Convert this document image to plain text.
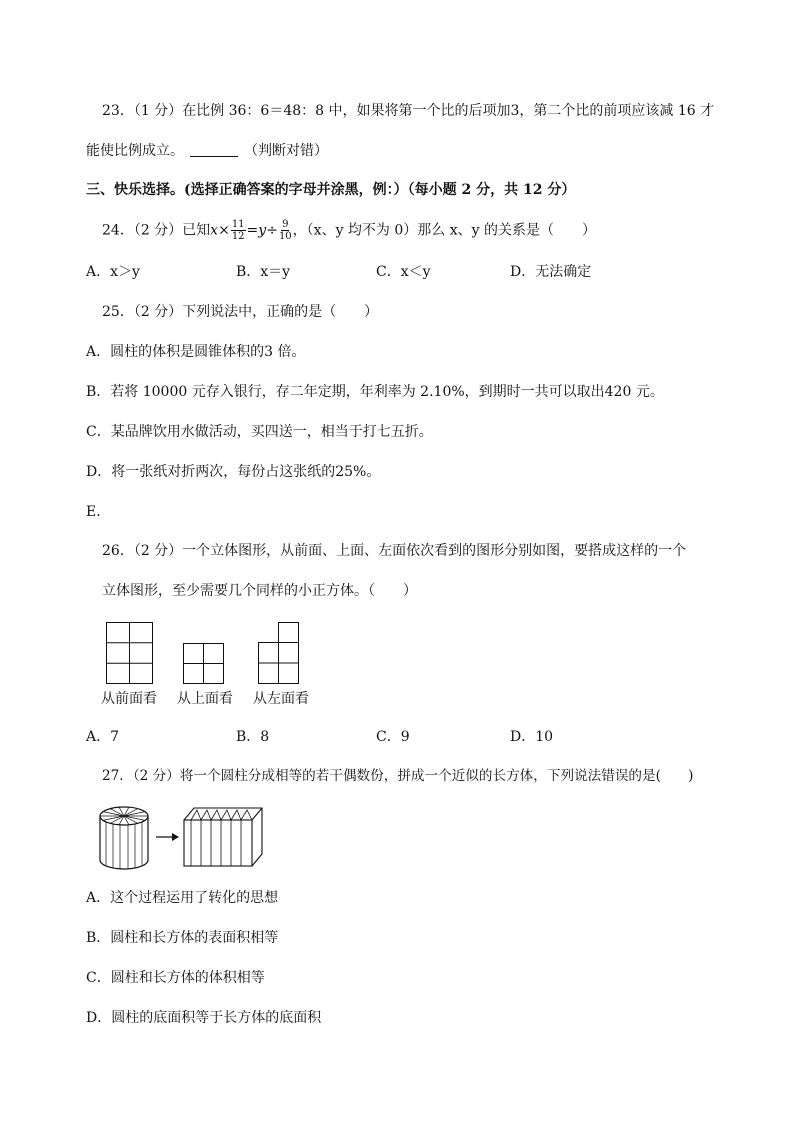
23．（1 分）在比例 36：6＝48：8 中，如果将第一个比的后项加3，第二个比的前项应该减 16 才
能使比例成立。	（判断对错）
三、快乐选择。(选择正确答案的字母并涂黑，例：）（每小题 2 分，共 12 分）
24．（2 分）已知$x\times \frac{11}{12} =y\div \frac{9}{10}$ ，（x、y 均不为 0）那么 x、y 的关系是（　　）
A．x＞y	B．x＝y	C．x＜y	D．无法确定
25．（2 分）下列说法中，正确的是（　　）
A．圆柱的体积是圆锥体积的3 倍。
B．若将 10000 元存入银行，存二年定期，年利率为 2.10%，到期时一共可以取出420 元。
C．某品牌饮用水做活动，买四送一，相当于打七五折。
D．将一张纸对折两次，每份占这张纸的25%。
E．
26．（2 分）一个立体图形，从前面、上面、左面依次看到的图形分别如图，要搭成这样的一个
立体图形，至少需要几个同样的小正方体。（　　）
从前面看 从上面看 从左面看
A．7	B．8	C．9	D．10
27．（2 分）将一个圆柱分成相等的若干偶数份，拼成一个近似的长方体，下列说法错误的是(　　)
A．这个过程运用了转化的思想
B．圆柱和长方体的表面积相等
C．圆柱和长方体的体积相等
D．圆柱的底面积等于长方体的底面积
